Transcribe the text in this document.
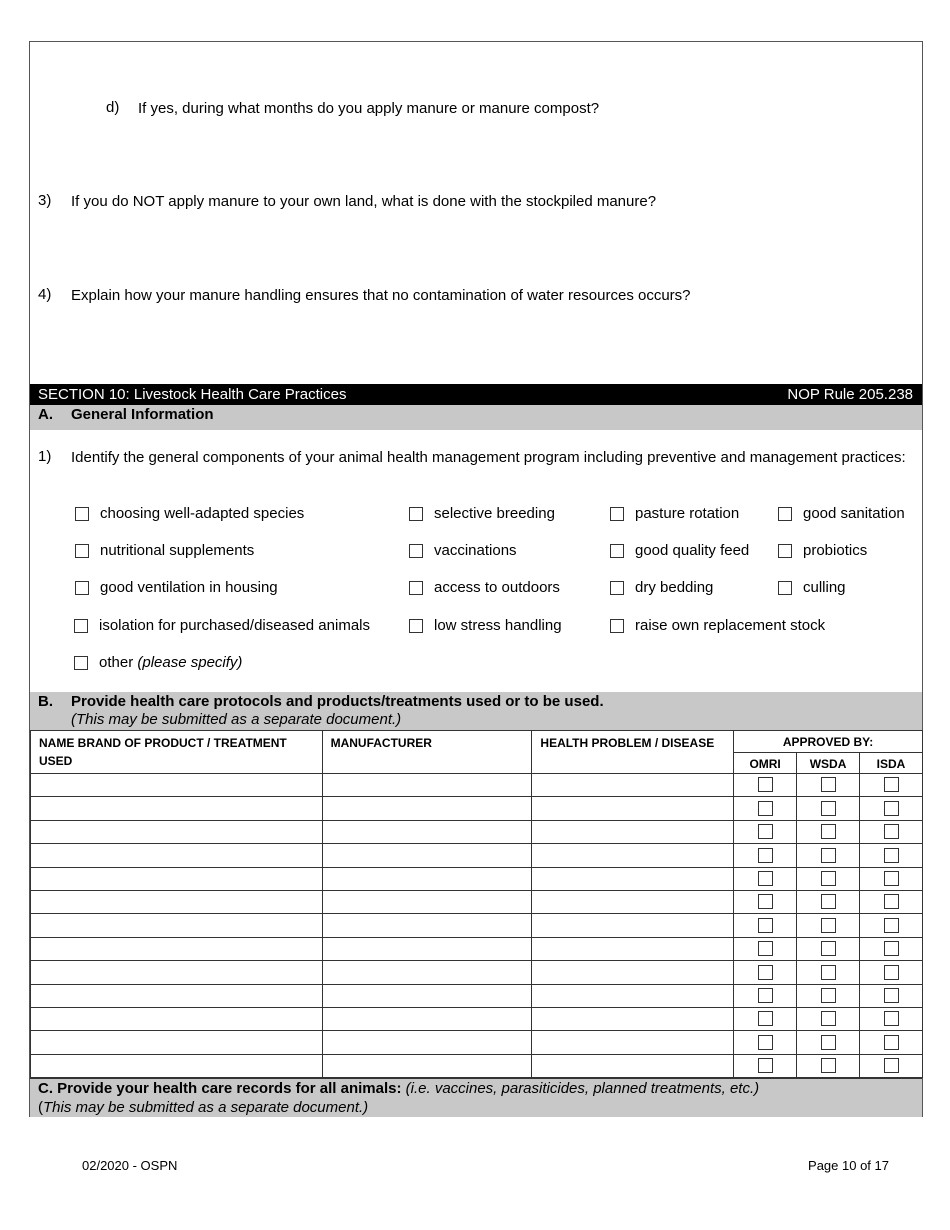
d) If yes, during what months do you apply manure or manure compost?
3) If you do NOT apply manure to your own land, what is done with the stockpiled manure?
4) Explain how your manure handling ensures that no contamination of water resources occurs?
SECTION 10: Livestock Health Care Practices	NOP Rule 205.238
A. General Information
1) Identify the general components of your animal health management program including preventive and management practices:
choosing well-adapted species	selective breeding	pasture rotation	good sanitation
nutritional supplements	vaccinations	good quality feed	probiotics
good ventilation in housing	access to outdoors	dry bedding	culling
isolation for purchased/diseased animals	low stress handling	raise own replacement stock
other (please specify)
B. Provide health care protocols and products/treatments used or to be used.
(This may be submitted as a separate document.)
NAME BRAND OF PRODUCT / TREATMENT USED	MANUFACTURER	HEALTH PROBLEM / DISEASE	APPROVED BY:		
			OMRI	WSDA	ISDA

C. Provide your health care records for all animals: (i.e. vaccines, parasiticides, planned treatments, etc.)
(This may be submitted as a separate document.)
02/2020 - OSPN	Page 10 of 17
